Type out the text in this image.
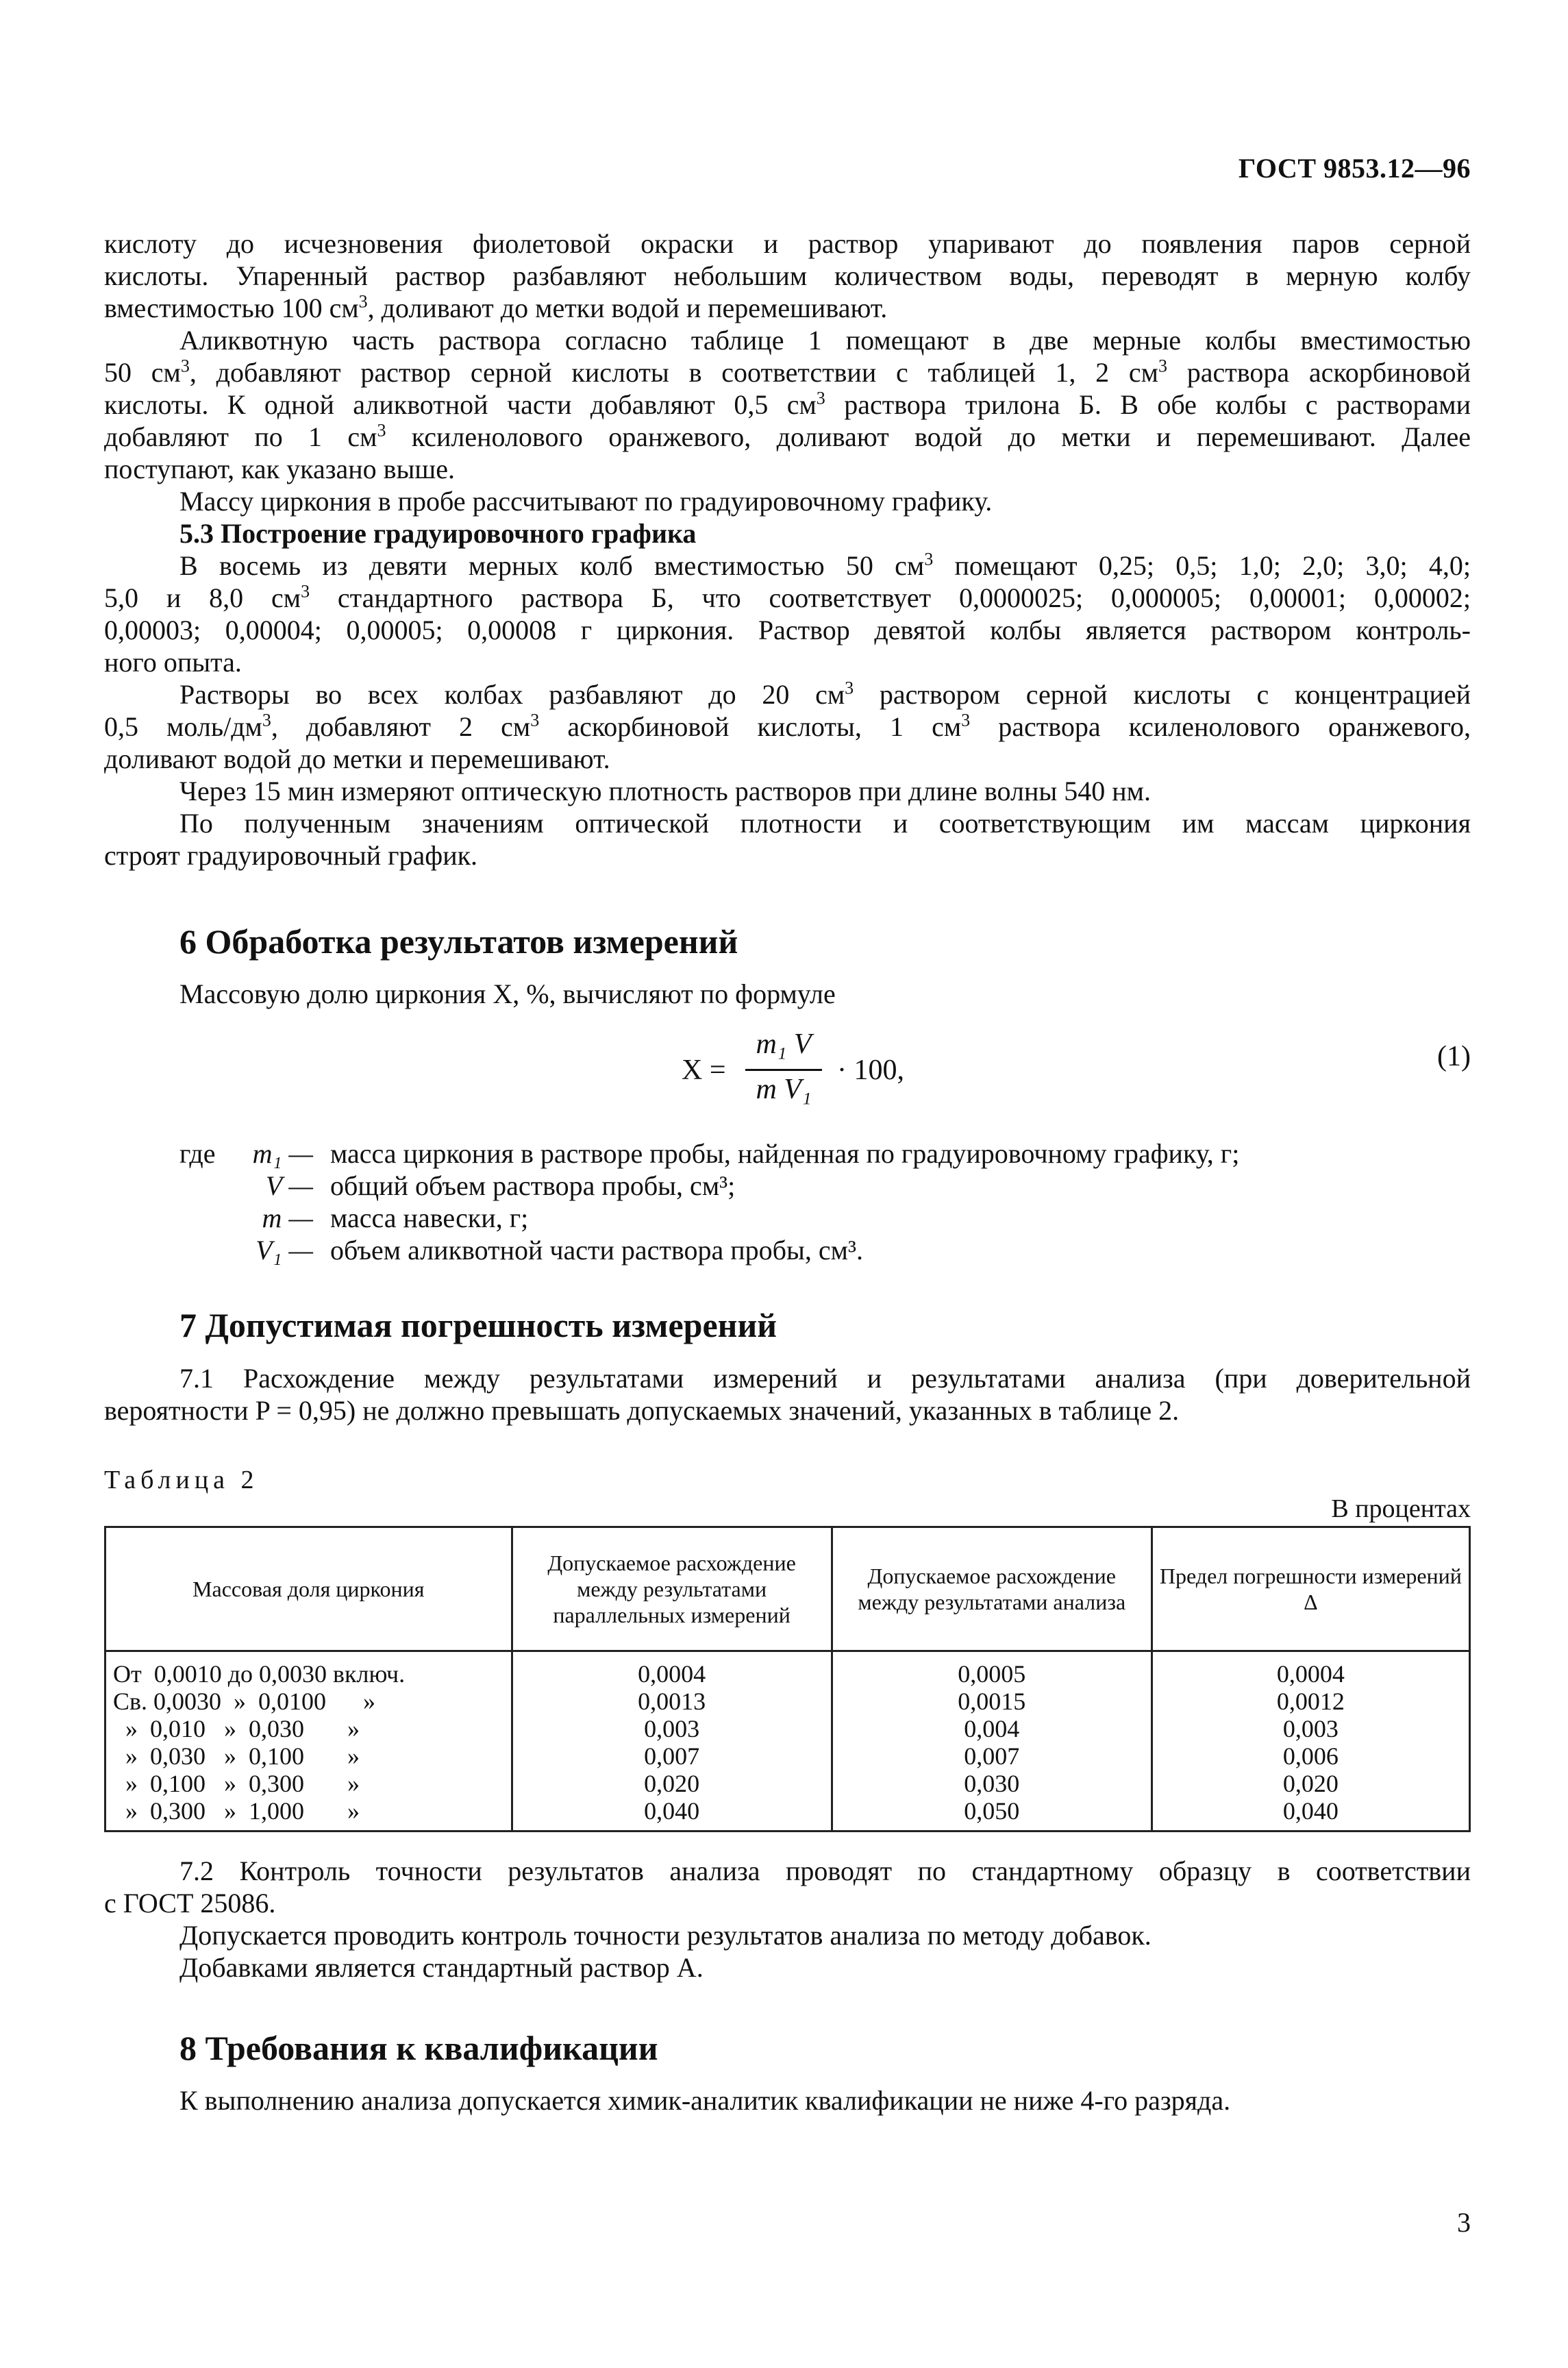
ГОСТ 9853.12—96
кислоту до исчезновения фиолетовой окраски и раствор упаривают до появления паров серной
кислоты. Упаренный раствор разбавляют небольшим количеством воды, переводят в мерную колбу
вместимостью 100 $см^3$, доливают до метки водой и перемешивают.
Аликвотную часть раствора согласно таблице 1 помещают в две мерные колбы вместимостью
50 $см^3$, добавляют раствор серной кислоты в соответствии с таблицей 1, 2 $см^3$ раствора аскорбиновой
кислоты. К одной аликвотной части добавляют 0,5 $см^3$ раствора трилона Б. В обе колбы с растворами
добавляют по 1 $см^3$ ксиленолового оранжевого, доливают водой до метки и перемешивают. Далее
поступают, как указано выше.
Массу циркония в пробе рассчитывают по градуировочному графику.
5.3 Построение градуировочного графика
В восемь из девяти мерных колб вместимостью 50 $см^3$ помещают 0,25; 0,5; 1,0; 2,0; 3,0; 4,0;
5,0 и 8,0 $см^3$ стандартного раствора Б, что соответствует 0,0000025; 0,000005; 0,00001; 0,00002;
0,00003; 0,00004; 0,00005; 0,00008 г циркония. Раствор девятой колбы является раствором контроль-
ного опыта.
Растворы во всех колбах разбавляют до 20 $см^3$ раствором серной кислоты с концентрацией
0,5 моль/$дм^3$, добавляют 2 $см^3$ аскорбиновой кислоты, 1 $см^3$ раствора ксиленолового оранжевого,
доливают водой до метки и перемешивают.
Через 15 мин измеряют оптическую плотность растворов при длине волны 540 нм.
По полученным значениям оптической плотности и соответствующим им массам циркония
строят градуировочный график.
6 Обработка результатов измерений
Массовую долю циркония X, %, вычисляют по формуле
X =
m₁ V
m V₁
· 100,	(1)
где m₁ — масса циркония в растворе пробы, найденная по градуировочному графику, г;
V — общий объем раствора пробы, см³;
m — масса навески, г;
V₁ — объем аликвотной части раствора пробы, см³.
7 Допустимая погрешность измерений
7.1 Расхождение между результатами измерений и результатами анализа (при доверительной
вероятности P = 0,95) не должно превышать допускаемых значений, указанных в таблице 2.
Таблица 2
В процентах
Массовая доля циркония	Допускаемое расхождение между результатами параллельных измерений	Допускаемое расхождение между результатами анализа	Предел погрешности измерений Δ
От  0,0010 до 0,0030 включ.	0,0004	0,0005	0,0004
Св. 0,0030  »  0,0100      »	0,0013	0,0015	0,0012
»  0,010   »  0,030       »	0,003	0,004	0,003
»  0,030   »  0,100       »	0,007	0,007	0,006
»  0,100   »  0,300       »	0,020	0,030	0,020
»  0,300   »  1,000       »	0,040	0,050	0,040
7.2 Контроль точности результатов анализа проводят по стандартному образцу в соответствии
с ГОСТ 25086.
Допускается проводить контроль точности результатов анализа по методу добавок.
Добавками является стандартный раствор А.
8 Требования к квалификации
К выполнению анализа допускается химик-аналитик квалификации не ниже 4-го разряда.
3
